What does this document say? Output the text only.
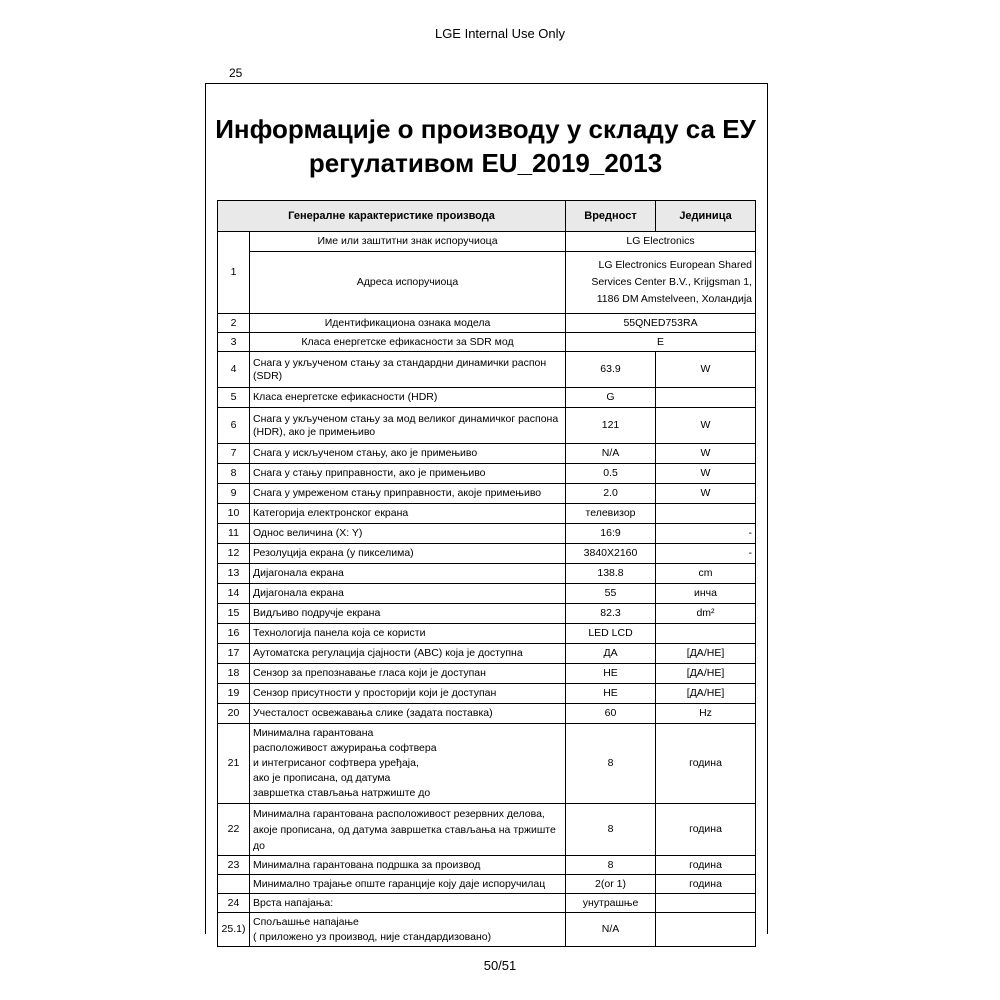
LGE Internal Use Only
25
Информације о производу у складу са ЕУ
регулативом EU_2019_2013
Генералне карактеристике производа		Вредност	Јединица
1	Име или заштитни знак испоручиоца	LG Electronics	
	Адреса испоручиоца	LG Electronics European Shared Services Center B.V., Krijgsman 1, 1186 DM Amstelveen, Холандија	
2	Идентификациона ознака модела	55QNED753RA	
3	Класа енергетске ефикасности за SDR мод	E	
4	Снага у укљученом стању за стандардни динамички распон (SDR)	63.9	W
5	Класа енергетске ефикасности (HDR)	G	
6	Снага у укљученом стању за мод великог динамичког распона (HDR), ако је примењиво	121	W
7	Снага у искљученом стању, ако је примењиво	N/A	W
8	Снага у стању приправности, ако је примењиво	0.5	W
9	Снага у умреженом стању приправности, акоје примењиво	2.0	W
10	Категорија електронског екрана	телевизор	
11	Однос величина (X: Y)	16:9	-
12	Резолуција екрана (у пикселима)	3840X2160	-
13	Дијагонала екрана	138.8	cm
14	Дијагонала екрана	55	инча
15	Видљиво подручје екрана	82.3	dm²
16	Технологија панела која се користи	LED LCD	
17	Аутоматска регулација сјајности (ABC) која је доступна	ДА	[ДА/НЕ]
18	Сензор за препознавање гласа који је доступан	НЕ	[ДА/НЕ]
19	Сензор присутности у просторији који је доступан	НЕ	[ДА/НЕ]
20	Учесталост освежавања слике (задата поставка)	60	Hz
21	Минимална гарантована
расположивост ажурирања софтвера
и интегрисаног софтвера уређаја,
ако је прописана, од датума
завршетка стављања натржиште до	8	година
22	Минимална гарантована расположивост резервних делова, акоје прописана, од датума завршетка стављања на тржиште до	8	година
23	Минимална гарантована подршка за производ	8	година
	Минимално трајање опште гаранције коју даје испоручилац	2(or 1)	година
24	Врста напајања:	унутрашње	
25.1)	Спољашње напајање
( приложено уз производ, није стандардизовано)	N/A	
50/51
